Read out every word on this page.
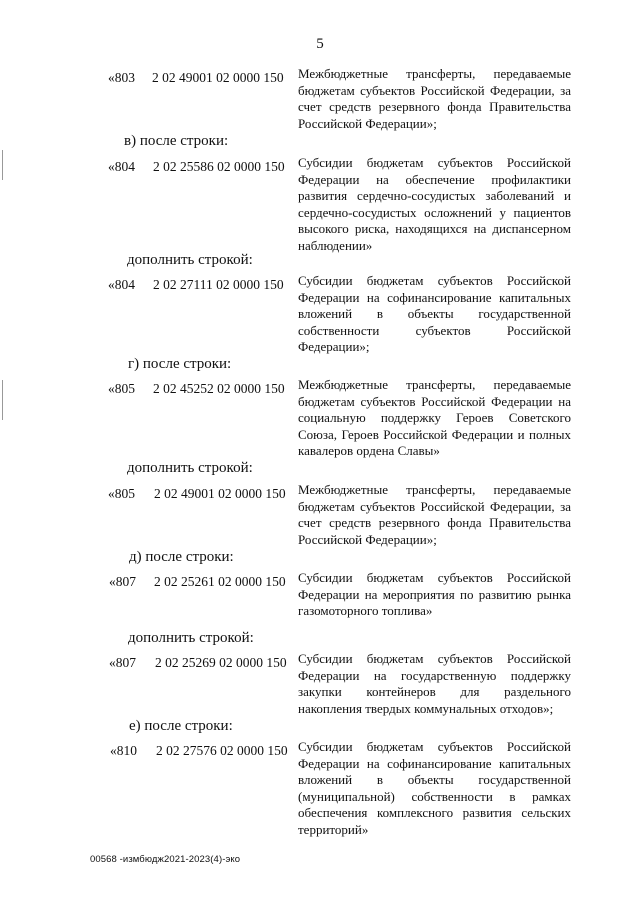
5
«803 2 02 49001 02 0000 150 Межбюджетные трансферты, передаваемые бюджетам субъектов Российской Федерации, за счет средств резервного фонда Правительства Российской Федерации»;
в) после строки:
«804 2 02 25586 02 0000 150 Субсидии бюджетам субъектов Российской Федерации на обеспечение профилактики развития сердечно-сосудистых заболеваний и сердечно-сосудистых осложнений у пациентов высокого риска, находящихся на диспансерном наблюдении»
дополнить строкой:
«804 2 02 27111 02 0000 150 Субсидии бюджетам субъектов Российской Федерации на софинансирование капитальных вложений в объекты государственной собственности субъектов Российской Федерации»;
г) после строки:
«805 2 02 45252 02 0000 150 Межбюджетные трансферты, передаваемые бюджетам субъектов Российской Федерации на социальную поддержку Героев Советского Союза, Героев Российской Федерации и полных кавалеров ордена Славы»
дополнить строкой:
«805 2 02 49001 02 0000 150 Межбюджетные трансферты, передаваемые бюджетам субъектов Российской Федерации, за счет средств резервного фонда Правительства Российской Федерации»;
д) после строки:
«807 2 02 25261 02 0000 150 Субсидии бюджетам субъектов Российской Федерации на мероприятия по развитию рынка газомоторного топлива»
дополнить строкой:
«807 2 02 25269 02 0000 150 Субсидии бюджетам субъектов Российской Федерации на государственную поддержку закупки контейнеров для раздельного накопления твердых коммунальных отходов»;
е) после строки:
«810 2 02 27576 02 0000 150 Субсидии бюджетам субъектов Российской Федерации на софинансирование капитальных вложений в объекты государственной (муниципальной) собственности в рамках обеспечения комплексного развития сельских территорий»
00568 -измбюдж2021-2023(4)-эко
